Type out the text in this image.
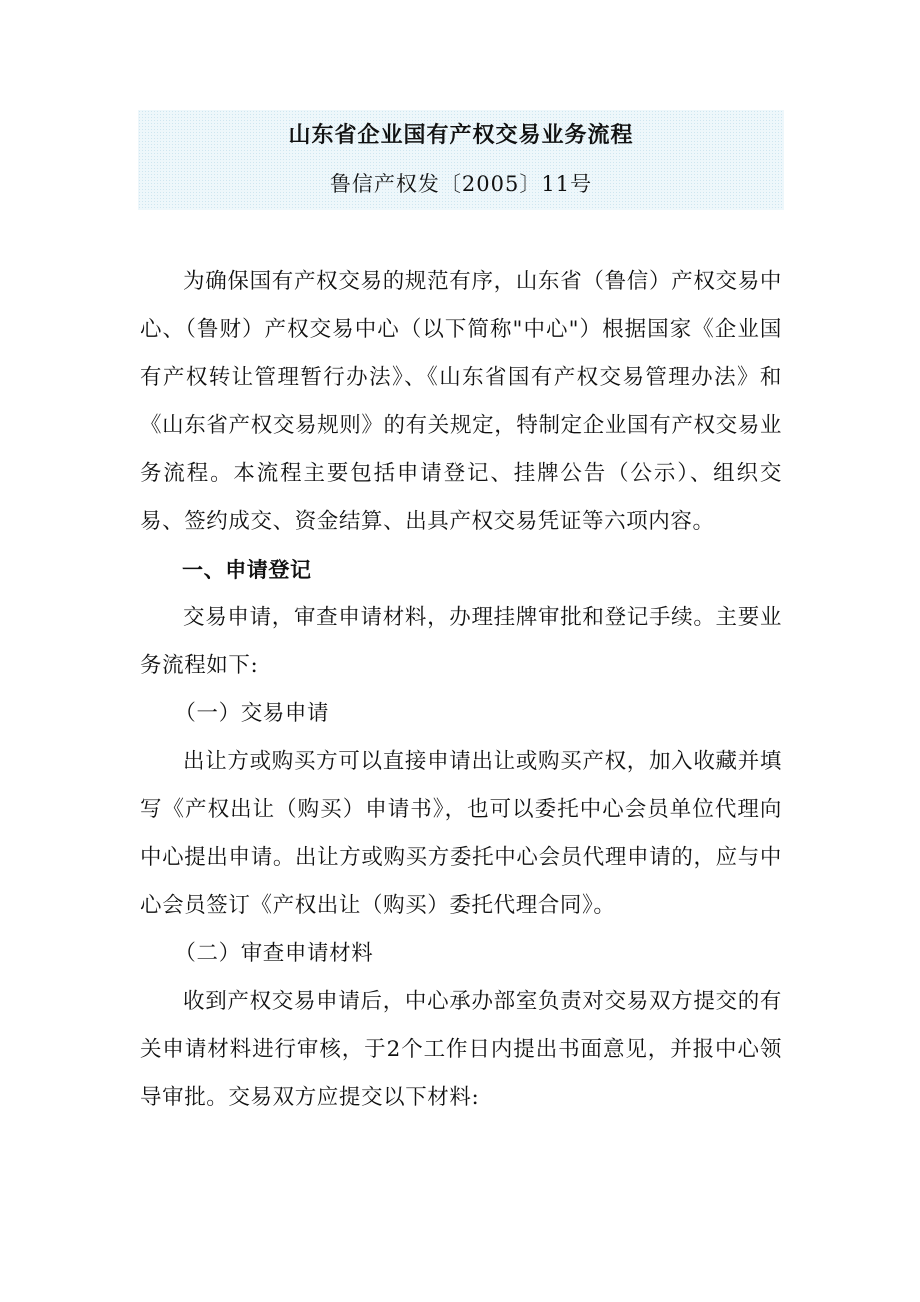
山东省企业国有产权交易业务流程
鲁信产权发〔2005〕11号

为确保国有产权交易的规范有序，山东省（鲁信）产权交易中心、（鲁财）产权交易中心（以下简称"中心"）根据国家《企业国有产权转让管理暂行办法》、《山东省国有产权交易管理办法》和《山东省产权交易规则》的有关规定，特制定企业国有产权交易业务流程。本流程主要包括申请登记、挂牌公告（公示）、组织交易、签约成交、资金结算、出具产权交易凭证等六项内容。

一、申请登记

交易申请，审查申请材料，办理挂牌审批和登记手续。主要业务流程如下:

（一）交易申请

出让方或购买方可以直接申请出让或购买产权，加入收藏并填写《产权出让（购买）申请书》，也可以委托中心会员单位代理向中心提出申请。出让方或购买方委托中心会员代理申请的，应与中心会员签订《产权出让（购买）委托代理合同》。

（二）审查申请材料

收到产权交易申请后，中心承办部室负责对交易双方提交的有关申请材料进行审核，于2个工作日内提出书面意见，并报中心领导审批。交易双方应提交以下材料:
